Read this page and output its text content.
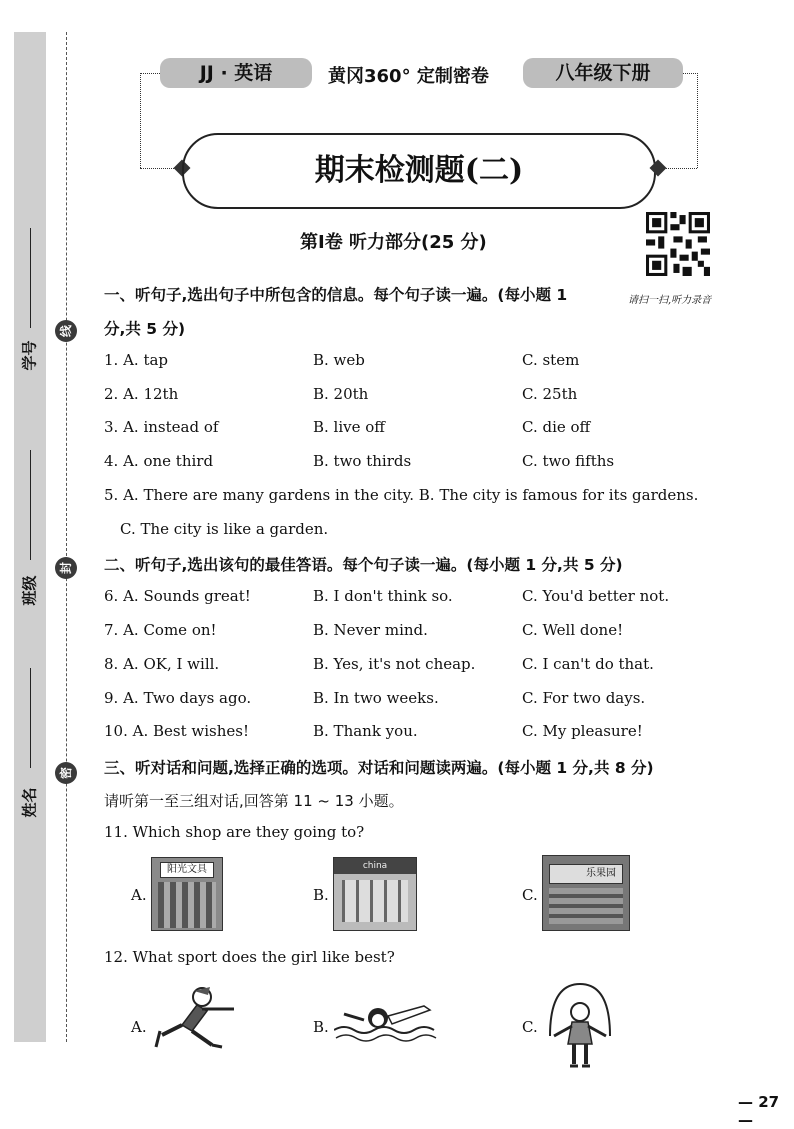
学号
线
班级
封
姓名
密
JJ · 英语	黄冈360° 定制密卷	八年级下册
期末检测题(二)
第Ⅰ卷 听力部分(25 分)
请扫一扫,听力录音
一、听句子,选出句子中所包含的信息。每个句子读一遍。(每小题 1
分,共 5 分)
1. A. tap	B. web	C. stem
2. A. 12th	B. 20th	C. 25th
3. A. instead of	B. live off	C. die off
4. A. one third	B. two thirds	C. two fifths
5. A. There are many gardens in the city. B. The city is famous for its gardens.
C. The city is like a garden.
二、听句子,选出该句的最佳答语。每个句子读一遍。(每小题 1 分,共 5 分)
6. A. Sounds great!	B. I don't think so.	C. You'd better not.
7. A. Come on!	B. Never mind.	C. Well done!
8. A. OK, I will.	B. Yes, it's not cheap.	C. I can't do that.
9. A. Two days ago.	B. In two weeks.	C. For two days.
10. A. Best wishes!	B. Thank you.	C. My pleasure!
三、听对话和问题,选择正确的选项。对话和问题读两遍。(每小题 1 分,共 8 分)
请听第一至三组对话,回答第 11 ~ 13 小题。
11. Which shop are they going to?
A.
阳光文具
B.
china
C.
乐果园
12. What sport does the girl like best?
A.	B.	C.
— 27 —
